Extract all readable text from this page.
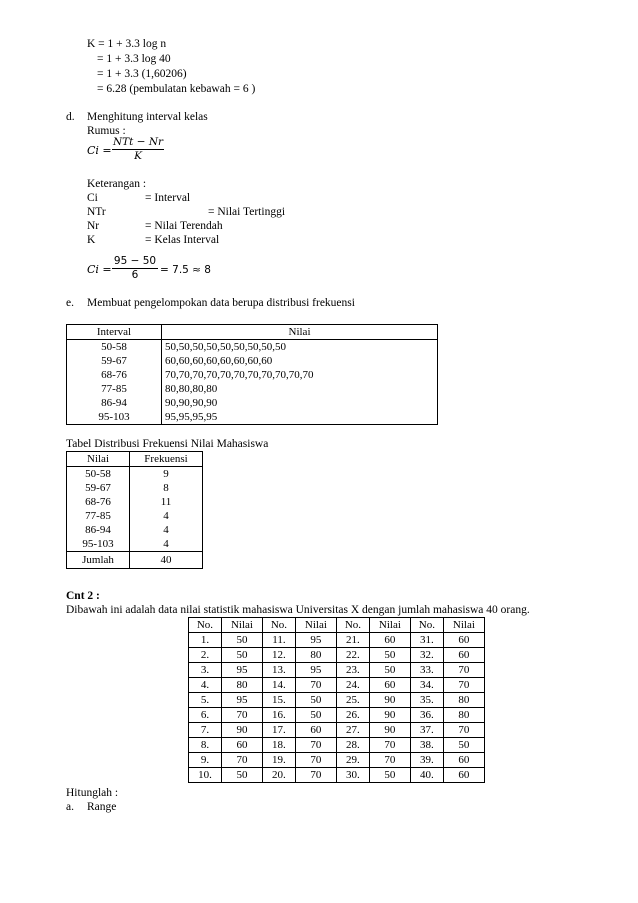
K = 1 + 3.3 log n
= 1 + 3.3 log 40
= 1 + 3.3 (1,60206)
= 6.28 (pembulatan kebawah = 6 )
d. Menghitung interval kelas
Rumus :
Ci =
NTt − Nr
K
Keterangan :
Ci	= Interval
NTr	= Nilai Tertinggi
Nr	= Nilai Terendah
K	= Kelas Interval
Ci =
95 − 50
6	= 7.5 ≈ 8
e. Membuat pengelompokan data berupa distribusi frekuensi
Interval	Nilai
50-58	50,50,50,50,50,50,50,50,50
59-67	60,60,60,60,60,60,60,60
68-76	70,70,70,70,70,70,70,70,70,70,70
77-85	80,80,80,80
86-94	90,90,90,90
95-103	95,95,95,95
Tabel Distribusi Frekuensi Nilai Mahasiswa
Nilai	Frekuensi
50-58	9
59-67	8
68-76	11
77-85	4
86-94	4
95-103	4
Jumlah	40
Cnt 2 :
Dibawah ini adalah data nilai statistik mahasiswa Universitas X dengan jumlah mahasiswa 40 orang.
No.	Nilai	No.	Nilai	No.	Nilai	No.	Nilai
1.	50	11.	95	21.	60	31.	60
2.	50	12.	80	22.	50	32.	60
3.	95	13.	95	23.	50	33.	70
4.	80	14.	70	24.	60	34.	70
5.	95	15.	50	25.	90	35.	80
6.	70	16.	50	26.	90	36.	80
7.	90	17.	60	27.	90	37.	70
8.	60	18.	70	28.	70	38.	50
9.	70	19.	70	29.	70	39.	60
10.	50	20.	70	30.	50	40.	60
Hitunglah :
a. Range
